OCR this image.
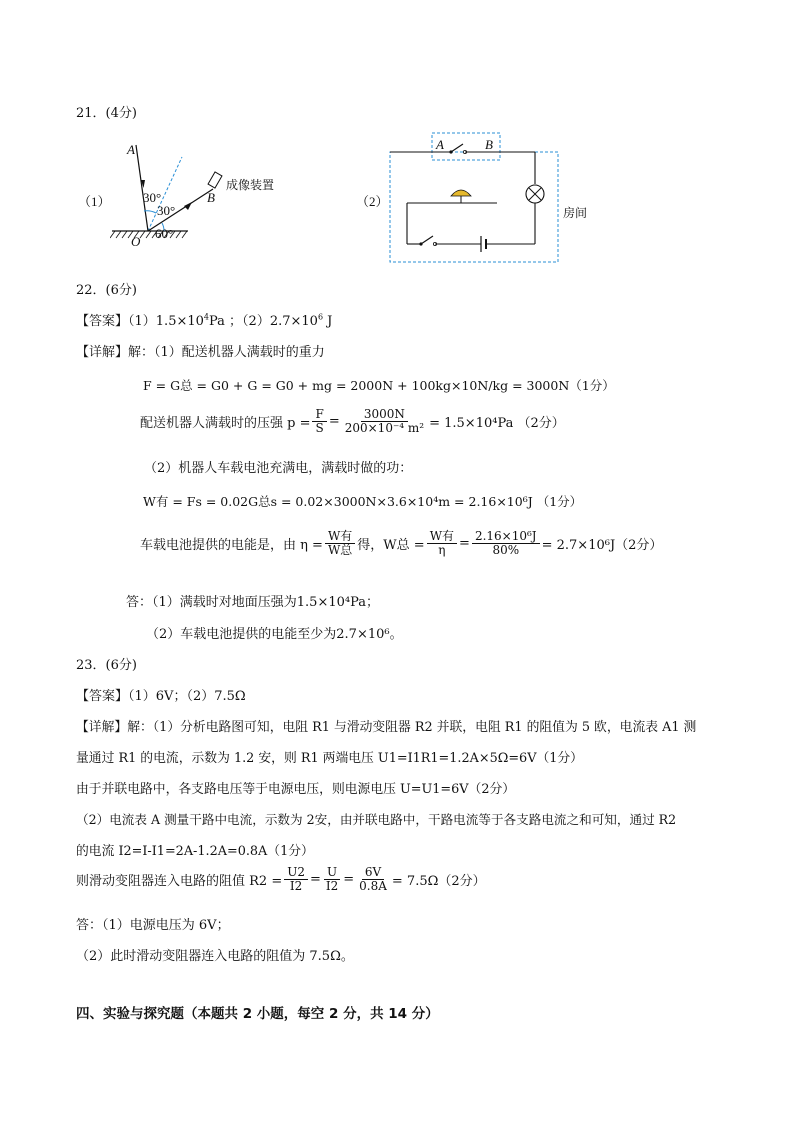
21．(4分)
（1）
A
30°
30°
60°
O
B
成像装置
（2）
A	B
房间
22．(6分)
【答案】$(1)1.5\times 10^4Pa$ ；$(2)2.7\times 10^6$ J
【详解】解：（1）配送机器人满载时的重力
F = G总 = G0 + G = G0 + mg = 2000N + 100kg×10N/kg = 3000N（1分）
配送机器人满载时的压强 $p = \frac{F}{S} = \frac{3000N}{\text{200×10⁻⁴ m²}} = 1.5\times 10^4Pa$ （2分）
（2）机器人车载电池充满电，满载时做的功：
W有 = Fs = 0.02G总s = 0.02×3000N×3.6×10⁴m = 2.16×10⁶J （1分）
车载电池提供的电能是，由 $\eta = \frac{\text{W有}}{\text{W总}}$ 得，W总 = $\frac{\text{W有}}{\eta} = \frac{\text{2.16×10⁶J}}{80\%} = 2.7\times 10^6J(2$分）
答：（1）满载时对地面压强为1.5×10⁴Pa；
（2）车载电池提供的电能至少为2.7×10⁶。
23．(6分)
【答案】（1）6V；（2）7.5Ω
【详解】解：（1）分析电路图可知，电阻 R1 与滑动变阻器 R2 并联，电阻 R1 的阻值为 5 欧，电流表 A1 测
量通过 R1 的电流，示数为 1.2 安，则 R1 两端电压 U1=I1R1=1.2A×5Ω=6V（1分）
由于并联电路中，各支路电压等于电源电压，则电源电压 U=U1=6V（2分）
（2）电流表 A 测量干路中电流，示数为 2安，由并联电路中，干路电流等于各支路电流之和可知，通过 R2
的电流 I2=I-I1=2A-1.2A=0.8A（1分）
则滑动变阻器连入电路的阻值 $R2 = \frac{U2}{I2} = \frac{U}{I2} = \frac{6V}{0.8A} = 7.5\Omega(2$分）
答：（1）电源电压为 6V；
（2）此时滑动变阻器连入电路的阻值为 7.5Ω。
四、实验与探究题（本题共 2 小题，每空 2 分，共 14 分）
